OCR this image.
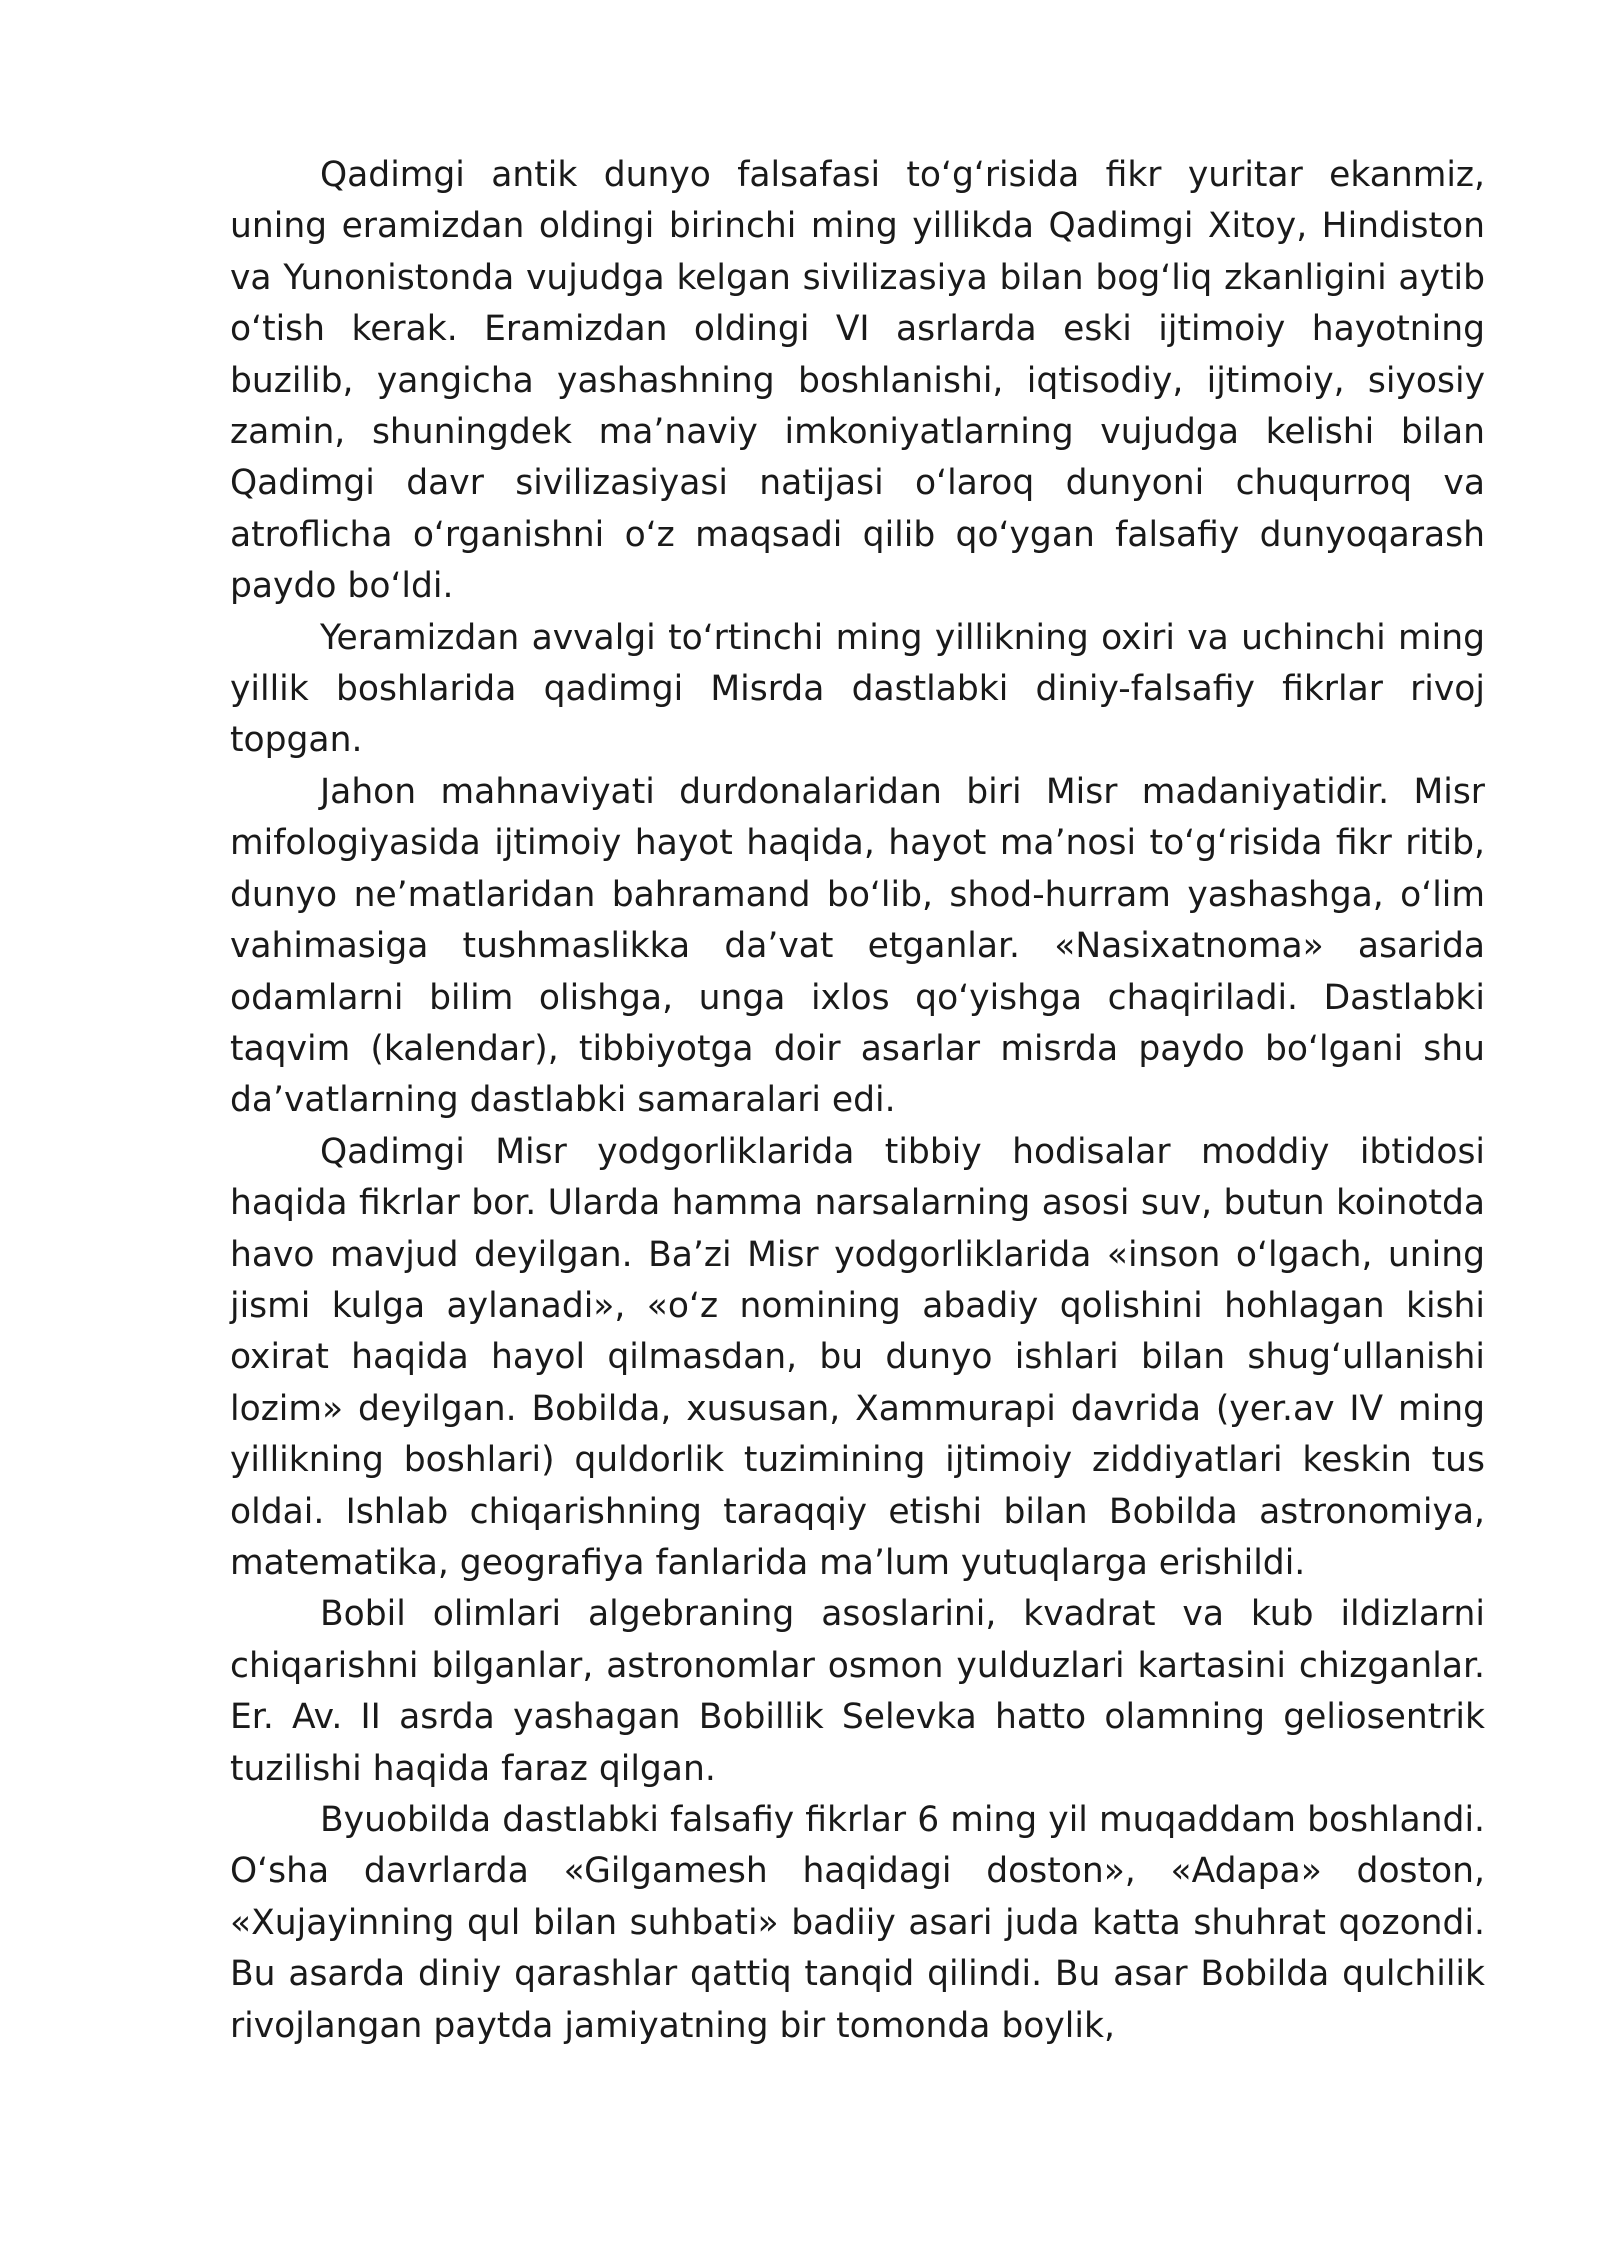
Qadimgi antik dunyo falsafasi to‘g‘risida fikr yuritar ekanmiz, uning eramizdan oldingi birinchi ming yillikda Qadimgi Xitoy, Hindiston va Yunonistonda vujudga kelgan sivilizasiya bilan bog‘liq zkanligini aytib o‘tish kerak. Eramizdan oldingi VI asrlarda eski ijtimoiy hayotning buzilib, yangicha yashashning boshlanishi, iqtisodiy, ijtimoiy, siyosiy zamin, shuningdek ma’naviy imkoniyatlarning vujudga kelishi bilan Qadimgi davr sivilizasiyasi natijasi o‘laroq dunyoni chuqurroq va atroflicha o‘rganishni o‘z maqsadi qilib qo‘ygan falsafiy dunyoqarash paydo bo‘ldi.

Yeramizdan avvalgi to‘rtinchi ming yillikning oxiri va uchinchi ming yillik boshlarida qadimgi Misrda dastlabki diniy-falsafiy fikrlar rivoj topgan.

Jahon mahnaviyati durdonalaridan biri Misr madaniyatidir. Misr mifologiyasida ijtimoiy hayot haqida, hayot ma’nosi to‘g‘risida fikr ritib, dunyo ne’matlaridan bahramand bo‘lib, shod-hurram yashashga, o‘lim vahimasiga tushmaslikka da’vat etganlar. «Nasixatnoma» asarida odamlarni bilim olishga, unga ixlos qo‘yishga chaqiriladi. Dastlabki taqvim (kalendar), tibbiyotga doir asarlar misrda paydo bo‘lgani shu da’vatlarning dastlabki samaralari edi.

Qadimgi Misr yodgorliklarida tibbiy hodisalar moddiy ibtidosi haqida fikrlar bor. Ularda hamma narsalarning asosi suv, butun koinotda havo mavjud deyilgan. Ba’zi Misr yodgorliklarida «inson o‘lgach, uning jismi kulga aylanadi», «o‘z nomining abadiy qolishini hohlagan kishi oxirat haqida hayol qilmasdan, bu dunyo ishlari bilan shug‘ullanishi lozim» deyilgan. Bobilda, xususan, Xammurapi davrida (yer.av IV ming yillikning boshlari) quldorlik tuzimining ijtimoiy ziddiyatlari keskin tus oldai. Ishlab chiqarishning taraqqiy etishi bilan Bobilda astronomiya, matematika, geografiya fanlarida ma’lum yutuqlarga erishildi.

Bobil olimlari algebraning asoslarini, kvadrat va kub ildizlarni chiqarishni bilganlar, astronomlar osmon yulduzlari kartasini chizganlar. Er. Av. II asrda yashagan Bobillik Selevka hatto olamning geliosentrik tuzilishi haqida faraz qilgan.

Byuobilda dastlabki falsafiy fikrlar 6 ming yil muqaddam boshlandi. O‘sha davrlarda «Gilgamesh haqidagi doston», «Adapa» doston, «Xujayinning qul bilan suhbati» badiiy asari juda katta shuhrat qozondi. Bu asarda diniy qarashlar qattiq tanqid qilindi. Bu asar Bobilda qulchilik rivojlangan paytda jamiyatning bir tomonda boylik,
